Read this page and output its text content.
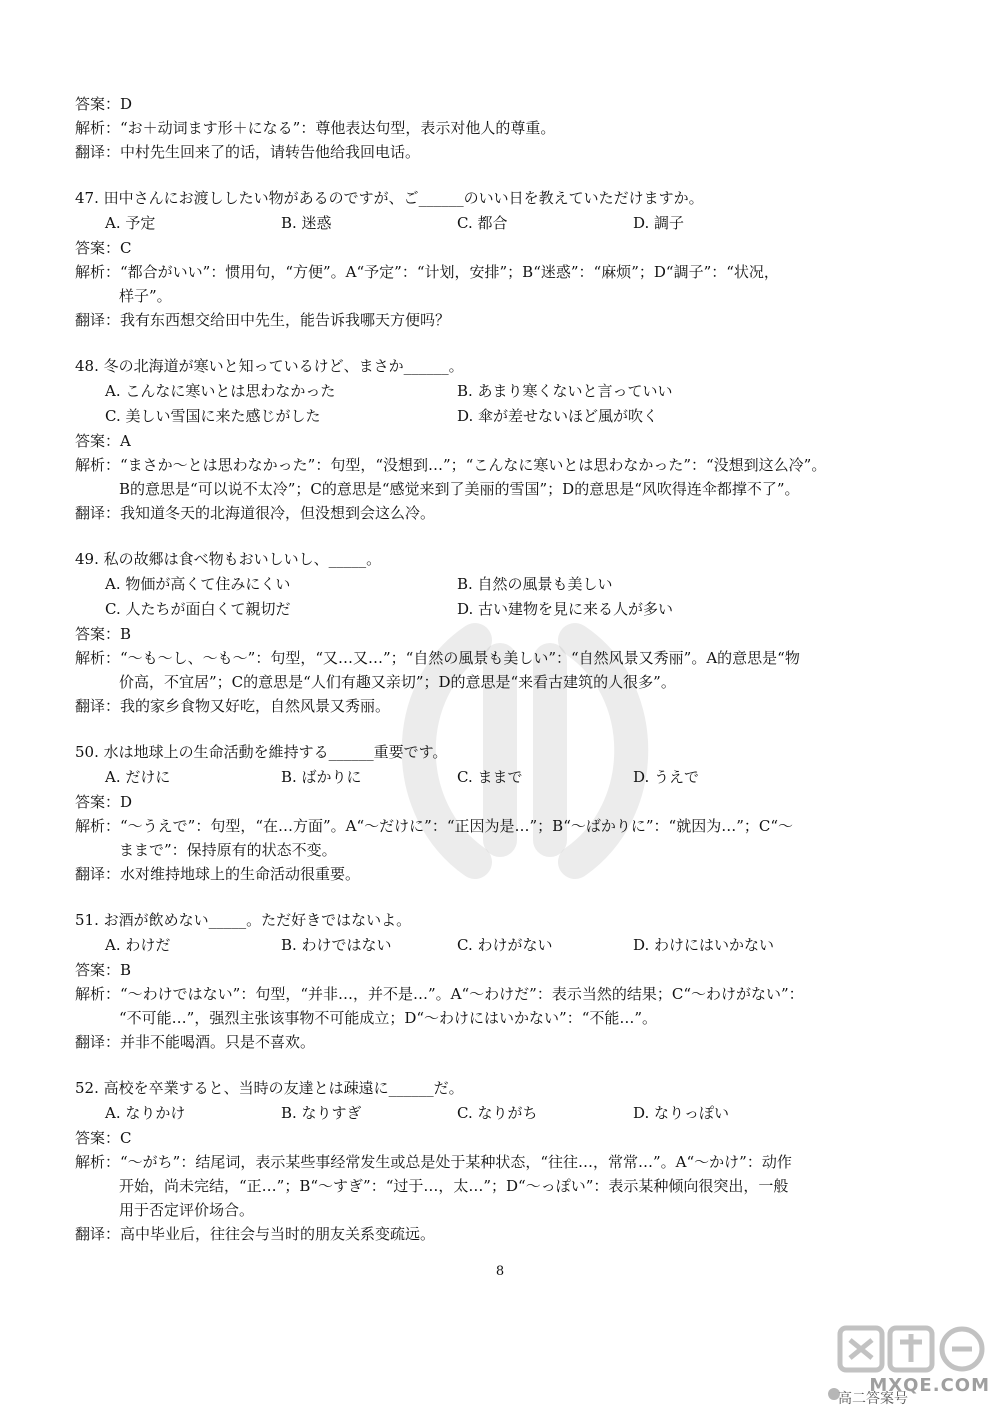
答案：D
解析：“お＋动词ます形＋になる”：尊他表达句型，表示对他人的尊重。
翻译：中村先生回来了的话，请转告他给我回电话。
47. 田中さんにお渡ししたい物があるのですが、ご______のいい日を教えていただけますか。
A. 予定	B. 迷惑	C. 都合	D. 調子
答案：C
解析：“都合がいい”：惯用句，“方便”。A“予定”：“计划，安排”；B“迷惑”：“麻烦”；D“調子”：“状况，
样子”。
翻译：我有东西想交给田中先生，能告诉我哪天方便吗？
48. 冬の北海道が寒いと知っているけど、まさか______。
A. こんなに寒いとは思わなかった	B. あまり寒くないと言っていい
C. 美しい雪国に来た感じがした	D. 傘が差せないほど風が吹く
答案：A
解析：“まさか～とは思わなかった”：句型，“没想到…”；“こんなに寒いとは思わなかった”：“没想到这么冷”。
B的意思是“可以说不太冷”；C的意思是“感觉来到了美丽的雪国”；D的意思是“风吹得连伞都撑不了”。
翻译：我知道冬天的北海道很冷，但没想到会这么冷。
49. 私の故郷は食べ物もおいしいし、_____。
A. 物価が高くて住みにくい	B. 自然の風景も美しい
C. 人たちが面白くて親切だ	D. 古い建物を見に来る人が多い
答案：B
解析：“～も～し、～も～”：句型，“又…又…”；“自然の風景も美しい”：“自然风景又秀丽”。A的意思是“物
价高，不宜居”；C的意思是“人们有趣又亲切”；D的意思是“来看古建筑的人很多”。
翻译：我的家乡食物又好吃，自然风景又秀丽。
50. 水は地球上の生命活動を維持する______重要です。
A. だけに	B. ばかりに	C. ままで	D. うえで
答案：D
解析：“～うえで”：句型，“在…方面”。A“～だけに”：“正因为是…”；B“～ばかりに”：“就因为…”；C“～
ままで”：保持原有的状态不变。
翻译：水对维持地球上的生命活动很重要。
51. お酒が飲めない_____。ただ好きではないよ。
A. わけだ	B. わけではない	C. わけがない	D. わけにはいかない
答案：B
解析：“～わけではない”：句型，“并非…，并不是…”。A“～わけだ”：表示当然的结果；C“～わけがない”：
“不可能…”，强烈主张该事物不可能成立；D“～わけにはいかない”：“不能…”。
翻译：并非不能喝酒。只是不喜欢。
52. 高校を卒業すると、当時の友達とは疎遠に______だ。
A. なりかけ	B. なりすぎ	C. なりがち	D. なりっぽい
答案：C
解析：“～がち”：结尾词，表示某些事经常发生或总是处于某种状态，“往往…，常常…”。A“～かけ”：动作
开始，尚未完结，“正…”；B“～すぎ”：“过于…，太…”；D“～っぽい”：表示某种倾向很突出，一般
用于否定评价场合。
翻译：高中毕业后，往往会与当时的朋友关系变疏远。
8
MXQE.COM
高二答案号
